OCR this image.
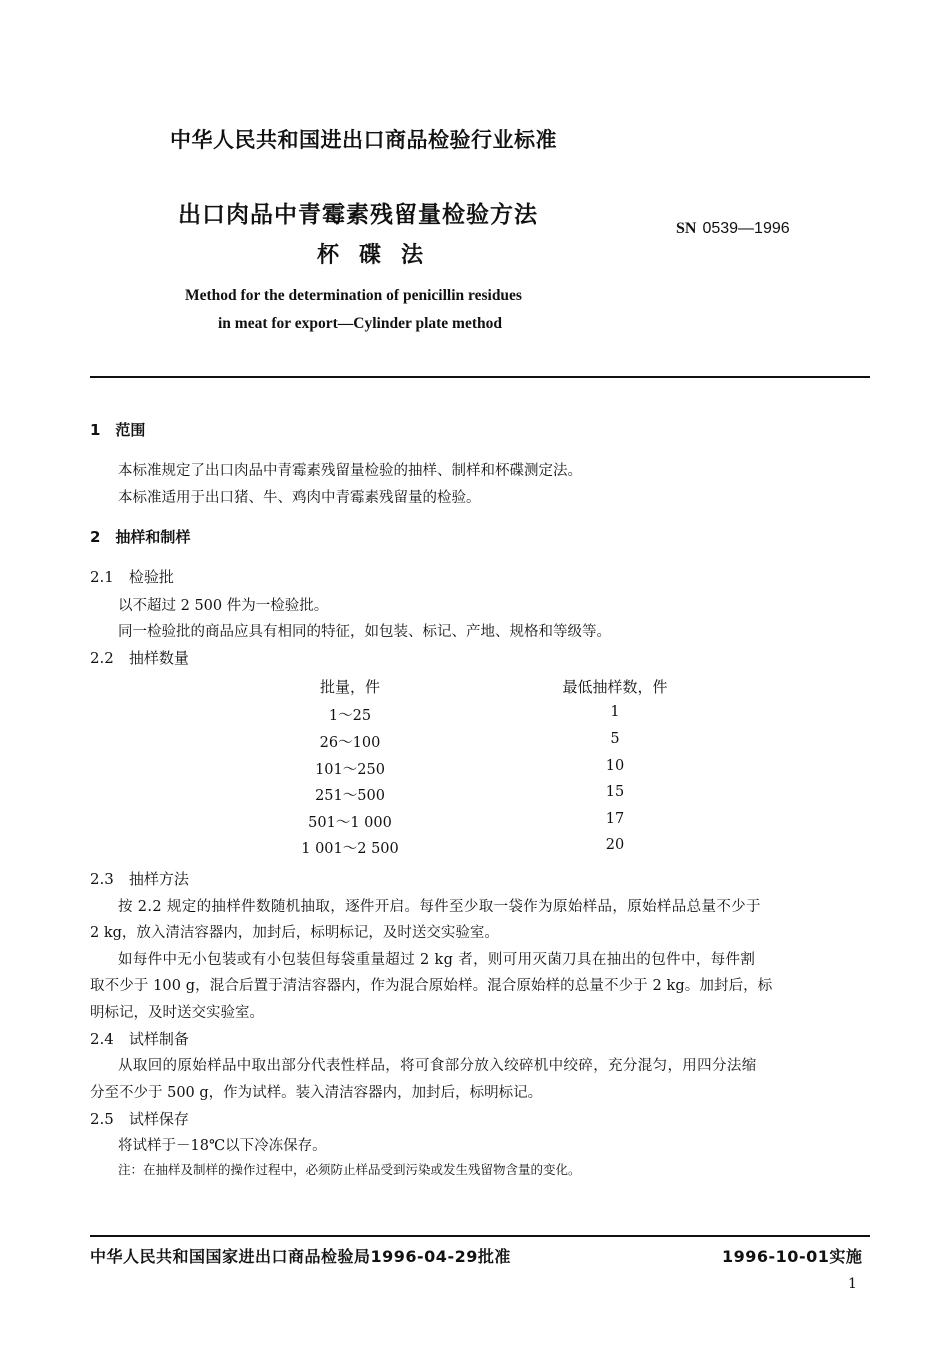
中华人民共和国进出口商品检验行业标准
出口肉品中青霉素残留量检验方法
杯碟法
SN 0539—1996
Method for the determination of penicillin residues
in meat for export—Cylinder plate method
1　范围
本标准规定了出口肉品中青霉素残留量检验的抽样、制样和杯碟测定法。
本标准适用于出口猪、牛、鸡肉中青霉素残留量的检验。
2　抽样和制样
2.1　检验批
以不超过 2 500 件为一检验批。
同一检验批的商品应具有相同的特征，如包装、标记、产地、规格和等级等。
2.2　抽样数量
批量，件	最低抽样数，件
1～25	1
26～100	5
101～250	10
251～500	15
501～1 000	17
1 001～2 500	20
2.3　抽样方法
按 2.2 规定的抽样件数随机抽取，逐件开启。每件至少取一袋作为原始样品，原始样品总量不少于
2 kg，放入清洁容器内，加封后，标明标记，及时送交实验室。
如每件中无小包装或有小包装但每袋重量超过 2 kg 者，则可用灭菌刀具在抽出的包件中，每件割
取不少于 100 g，混合后置于清洁容器内，作为混合原始样。混合原始样的总量不少于 2 kg。加封后，标
明标记，及时送交实验室。
2.4　试样制备
从取回的原始样品中取出部分代表性样品，将可食部分放入绞碎机中绞碎，充分混匀，用四分法缩
分至不少于 500 g，作为试样。装入清洁容器内，加封后，标明标记。
2.5　试样保存
将试样于－18℃以下冷冻保存。
注：在抽样及制样的操作过程中，必须防止样品受到污染或发生残留物含量的变化。
中华人民共和国国家进出口商品检验局1996-04-29批准	1996-10-01实施
1
